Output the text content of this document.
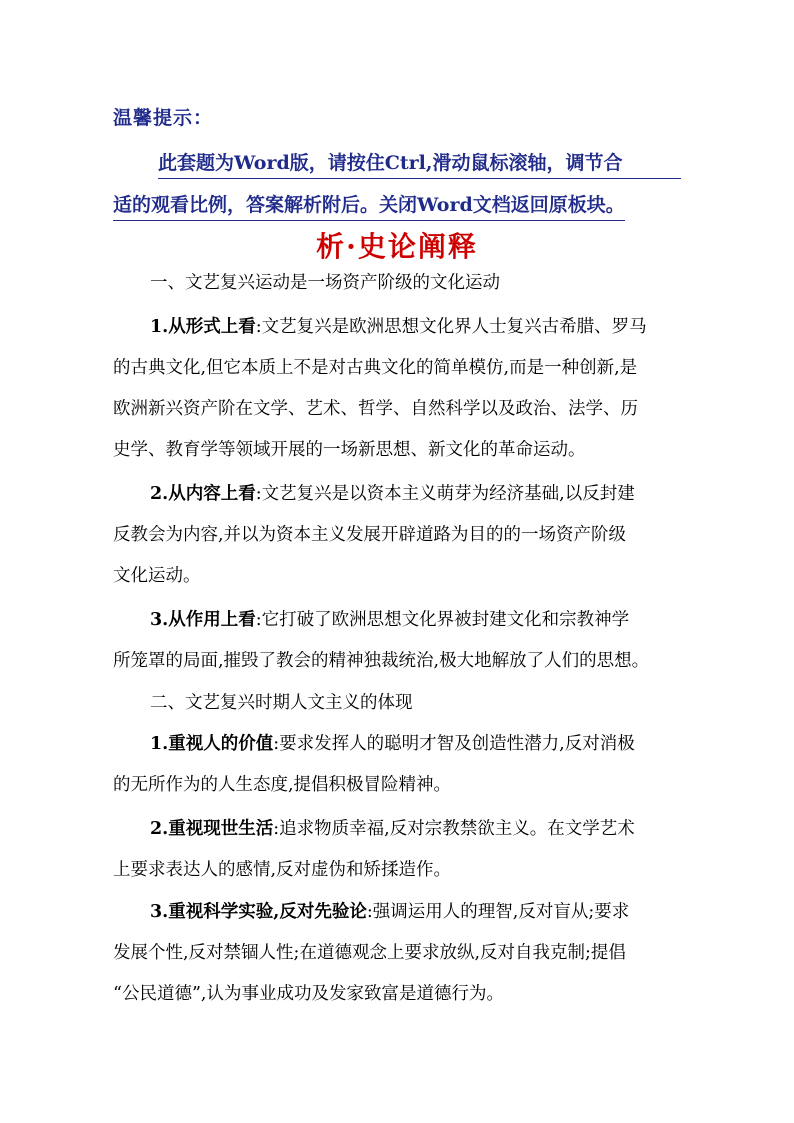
温馨提示：
此套题为Word版，请按住Ctrl,滑动鼠标滚轴，调节合
适的观看比例，答案解析附后。关闭Word文档返回原板块。
析·史论阐释
一、文艺复兴运动是一场资产阶级的文化运动
1.从形式上看:文艺复兴是欧洲思想文化界人士复兴古希腊、罗马
的古典文化,但它本质上不是对古典文化的简单模仿,而是一种创新,是
欧洲新兴资产阶在文学、艺术、哲学、自然科学以及政治、法学、历
史学、教育学等领域开展的一场新思想、新文化的革命运动。
2.从内容上看:文艺复兴是以资本主义萌芽为经济基础,以反封建
反教会为内容,并以为资本主义发展开辟道路为目的的一场资产阶级
文化运动。
3.从作用上看:它打破了欧洲思想文化界被封建文化和宗教神学
所笼罩的局面,摧毁了教会的精神独裁统治,极大地解放了人们的思想。
二、文艺复兴时期人文主义的体现
1.重视人的价值:要求发挥人的聪明才智及创造性潜力,反对消极
的无所作为的人生态度,提倡积极冒险精神。
2.重视现世生活:追求物质幸福,反对宗教禁欲主义。在文学艺术
上要求表达人的感情,反对虚伪和矫揉造作。
3.重视科学实验,反对先验论:强调运用人的理智,反对盲从;要求
发展个性,反对禁锢人性;在道德观念上要求放纵,反对自我克制;提倡
“公民道德”,认为事业成功及发家致富是道德行为。
